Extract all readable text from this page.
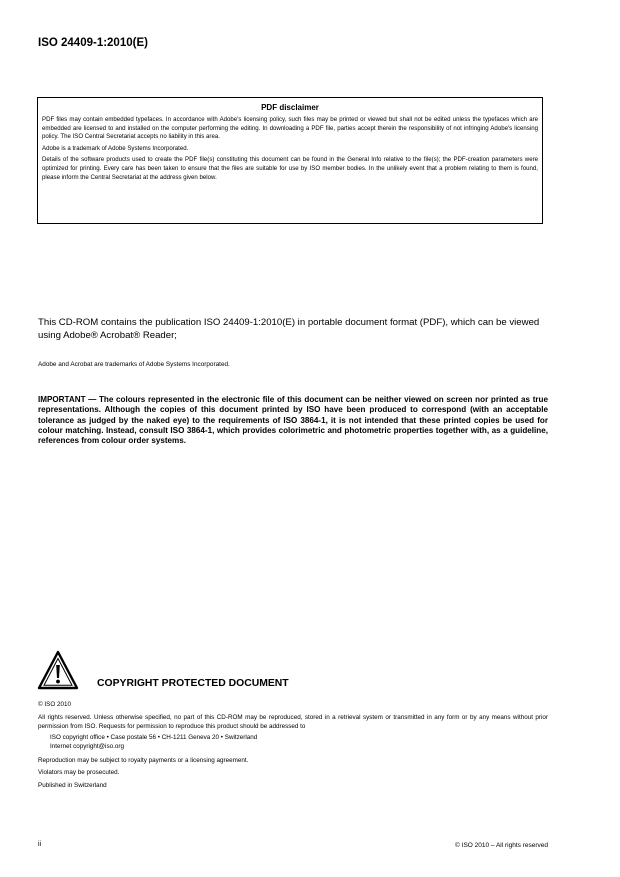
ISO 24409-1:2010(E)
PDF disclaimer

PDF files may contain embedded typefaces. In accordance with Adobe's licensing policy, such files may be printed or viewed but shall not be edited unless the typefaces which are embedded are licensed to and installed on the computer performing the editing. In downloading a PDF file, parties accept therein the responsibility of not infringing Adobe's licensing policy. The ISO Central Secretariat accepts no liability in this area.

Adobe is a trademark of Adobe Systems Incorporated.

Details of the software products used to create the PDF file(s) constituting this document can be found in the General Info relative to the file(s); the PDF-creation parameters were optimized for printing. Every care has been taken to ensure that the files are suitable for use by ISO member bodies. In the unlikely event that a problem relating to them is found, please inform the Central Secretariat at the address given below.

This CD-ROM contains the publication ISO 24409-1:2010(E) in portable document format (PDF), which can be viewed using Adobe® Acrobat® Reader;
Adobe and Acrobat are trademarks of Adobe Systems Incorporated.
IMPORTANT — The colours represented in the electronic file of this document can be neither viewed on screen nor printed as true representations. Although the copies of this document printed by ISO have been produced to correspond (with an acceptable tolerance as judged by the naked eye) to the requirements of ISO 3864-1, it is not intended that these printed copies be used for colour matching. Instead, consult ISO 3864-1, which provides colorimetric and photometric properties together with, as a guideline, references from colour order systems.
COPYRIGHT PROTECTED DOCUMENT

© ISO 2010

All rights reserved. Unless otherwise specified, no part of this CD-ROM may be reproduced, stored in a retrieval system or transmitted in any form or by any means without prior permission from ISO. Requests for permission to reproduce this product should be addressed to

ISO copyright office • Case postale 56 • CH-1211 Geneva 20 • Switzerland

Internet copyright@iso.org

Reproduction may be subject to royalty payments or a licensing agreement.

Violators may be prosecuted.

Published in Switzerland

ii	© ISO 2010 – All rights reserved
